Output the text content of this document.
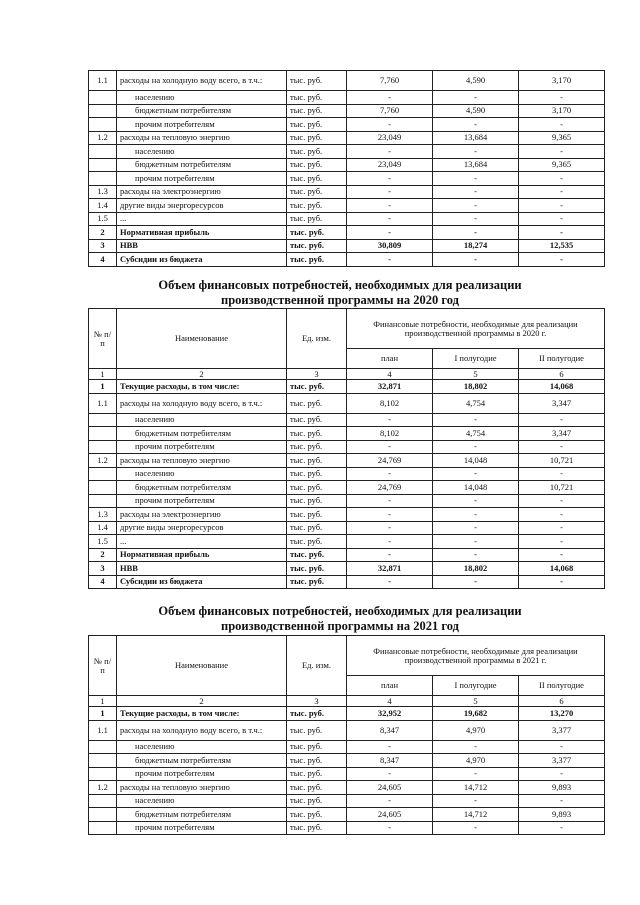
1.1	расходы на холодную воду всего, в т.ч.:	тыс. руб.	7,760	4,590	3,170
	населению	тыс. руб.	-	-	-
	бюджетным потребителям	тыс. руб.	7,760	4,590	3,170
	прочим потребителям	тыс. руб.	-	-	-
1.2	расходы на тепловую энергию	тыс. руб.	23,049	13,684	9,365
	населению	тыс. руб.	-	-	-
	бюджетным потребителям	тыс. руб.	23,049	13,684	9,365
	прочим потребителям	тыс. руб.	-	-	-
1.3	расходы на электроэнергию	тыс. руб.	-	-	-
1.4	другие виды энергоресурсов	тыс. руб.	-	-	-
1.5	...	тыс. руб.	-	-	-
2	Нормативная прибыль	тыс. руб.	-	-	-
3	НВВ	тыс. руб.	30,809	18,274	12,535
4	Субсидии из бюджета	тыс. руб.	-	-	-
Объем финансовых потребностей, необходимых для реализации
производственной программы на 2020 год
№ п/п	Наименование	Ед. изм.	Финансовые потребности, необходимые для реализации производственной программы в 2020 г.		
			план	I полугодие	II полугодие
1	2	3	4	5	6
1	Текущие расходы, в том числе:	тыс. руб.	32,871	18,802	14,068
1.1	расходы на холодную воду всего, в т.ч.:	тыс. руб.	8,102	4,754	3,347
	населению	тыс. руб.	-	-	-
	бюджетным потребителям	тыс. руб.	8,102	4,754	3,347
	прочим потребителям	тыс. руб.	-	-	-
1.2	расходы на тепловую энергию	тыс. руб.	24,769	14,048	10,721
	населению	тыс. руб.	-	-	-
	бюджетным потребителям	тыс. руб.	24,769	14,048	10,721
	прочим потребителям	тыс. руб.	-	-	-
1.3	расходы на электроэнергию	тыс. руб.	-	-	-
1.4	другие виды энергоресурсов	тыс. руб.	-	-	-
1.5	...	тыс. руб.	-	-	-
2	Нормативная прибыль	тыс. руб.	-	-	-
3	НВВ	тыс. руб.	32,871	18,802	14,068
4	Субсидии из бюджета	тыс. руб.	-	-	-
Объем финансовых потребностей, необходимых для реализации
производственной программы на 2021 год
№ п/п	Наименование	Ед. изм.	Финансовые потребности, необходимые для реализации производственной программы в 2021 г.		
			план	I полугодие	II полугодие
1	2	3	4	5	6
1	Текущие расходы, в том числе:	тыс. руб.	32,952	19,682	13,270
1.1	расходы на холодную воду всего, в т.ч.:	тыс. руб.	8,347	4,970	3,377
	населению	тыс. руб.	-	-	-
	бюджетным потребителям	тыс. руб.	8,347	4,970	3,377
	прочим потребителям	тыс. руб.	-	-	-
1.2	расходы на тепловую энергию	тыс. руб.	24,605	14,712	9,893
	населению	тыс. руб.	-	-	-
	бюджетным потребителям	тыс. руб.	24,605	14,712	9,893
	прочим потребителям	тыс. руб.	-	-	-
